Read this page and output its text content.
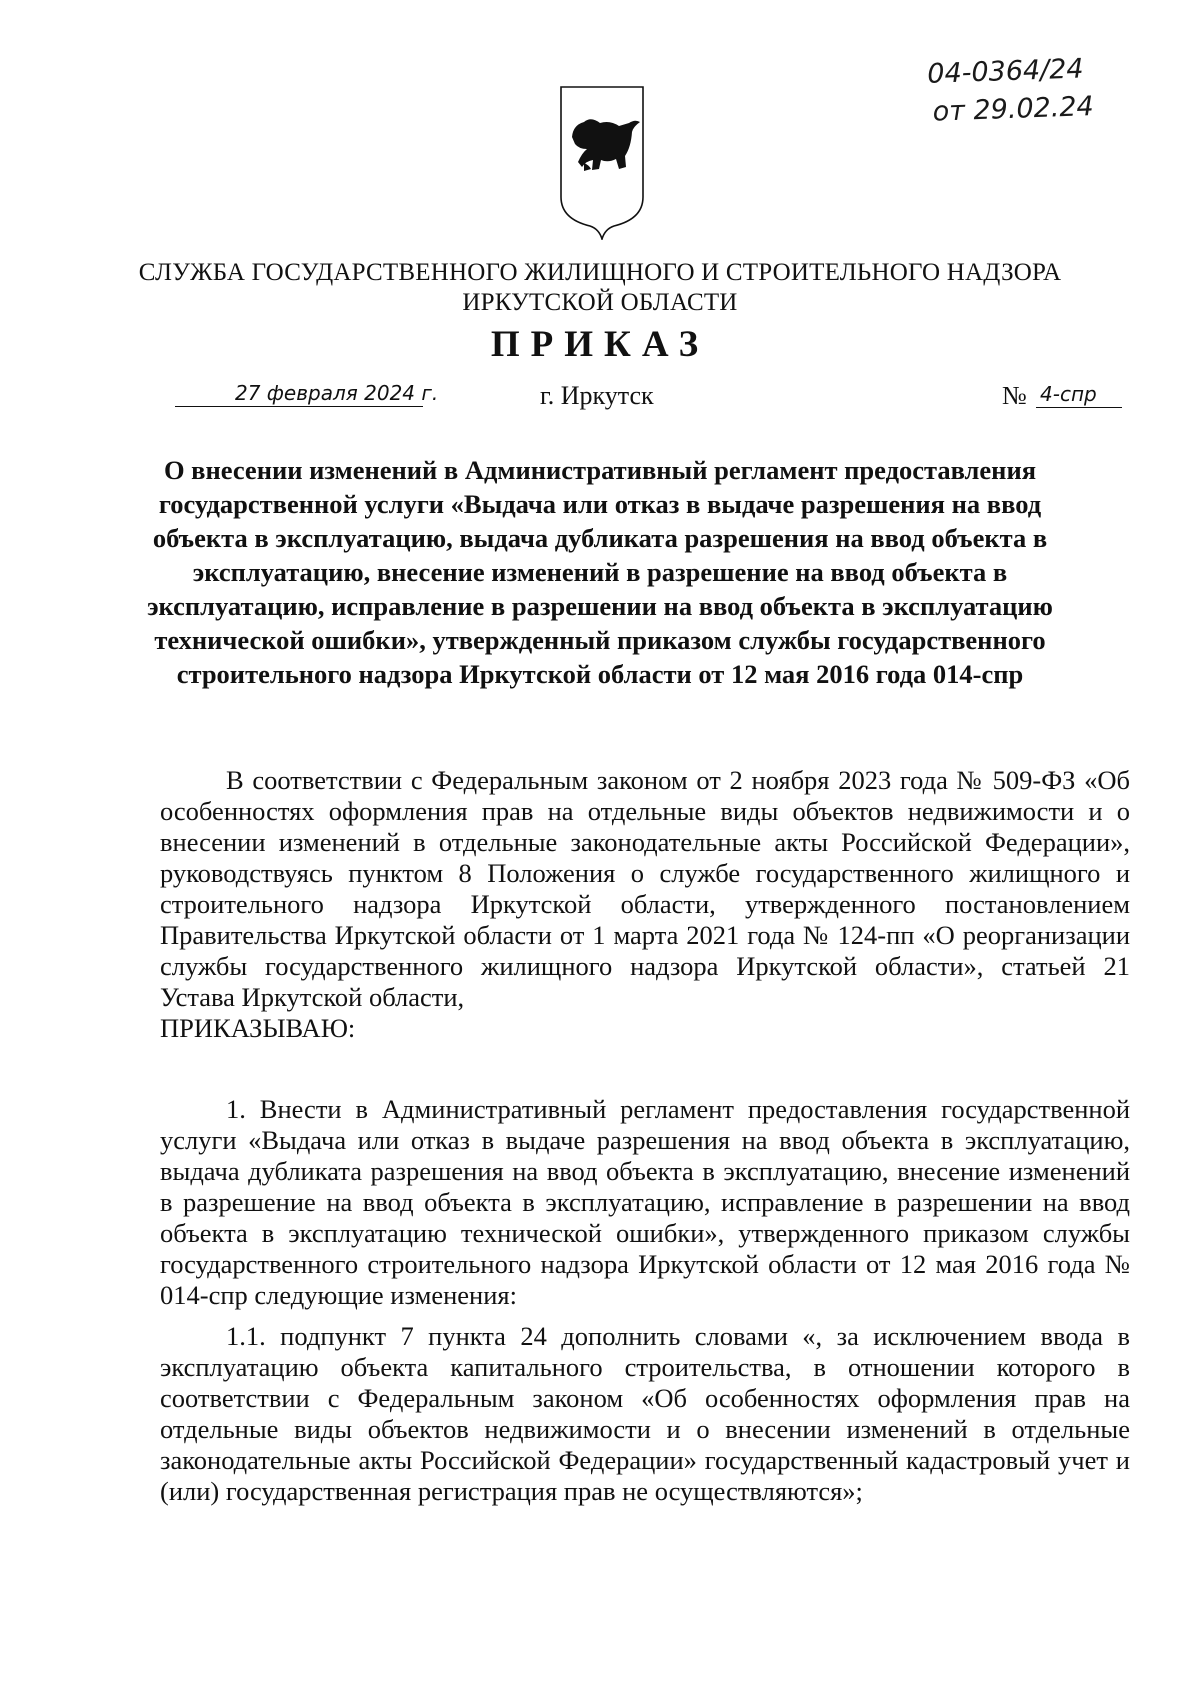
04-0364/24
от 29.02.24
СЛУЖБА ГОСУДАРСТВЕННОГО ЖИЛИЩНОГО И СТРОИТЕЛЬНОГО НАДЗОРА
ИРКУТСКОЙ ОБЛАСТИ
ПРИКАЗ
27 февраля 2024 г.	г. Иркутск	№ 4-спр
О внесении изменений в Административный регламент предоставления государственной услуги «Выдача или отказ в выдаче разрешения на ввод объекта в эксплуатацию, выдача дубликата разрешения на ввод объекта в эксплуатацию, внесение изменений в разрешение на ввод объекта в эксплуатацию, исправление в разрешении на ввод объекта в эксплуатацию технической ошибки», утвержденный приказом службы государственного строительного надзора Иркутской области от 12 мая 2016 года 014-спр

В соответствии с Федеральным законом от 2 ноября 2023 года № 509-ФЗ «Об особенностях оформления прав на отдельные виды объектов недвижимости и о внесении изменений в отдельные законодательные акты Российской Федерации», руководствуясь пунктом 8 Положения о службе государственного жилищного и строительного надзора Иркутской области, утвержденного постановлением Правительства Иркутской области от 1 марта 2021 года № 124-пп «О реорганизации службы государственного жилищного надзора Иркутской области», статьей 21 Устава Иркутской области,

ПРИКАЗЫВАЮ:

1. Внести в Административный регламент предоставления государственной услуги «Выдача или отказ в выдаче разрешения на ввод объекта в эксплуатацию, выдача дубликата разрешения на ввод объекта в эксплуатацию, внесение изменений в разрешение на ввод объекта в эксплуатацию, исправление в разрешении на ввод объекта в эксплуатацию технической ошибки», утвержденного приказом службы государственного строительного надзора Иркутской области от 12 мая 2016 года № 014-спр следующие изменения:

1.1. подпункт 7 пункта 24 дополнить словами «, за исключением ввода в эксплуатацию объекта капитального строительства, в отношении которого в соответствии с Федеральным законом «Об особенностях оформления прав на отдельные виды объектов недвижимости и о внесении изменений в отдельные законодательные акты Российской Федерации» государственный кадастровый учет и (или) государственная регистрация прав не осуществляются»;
